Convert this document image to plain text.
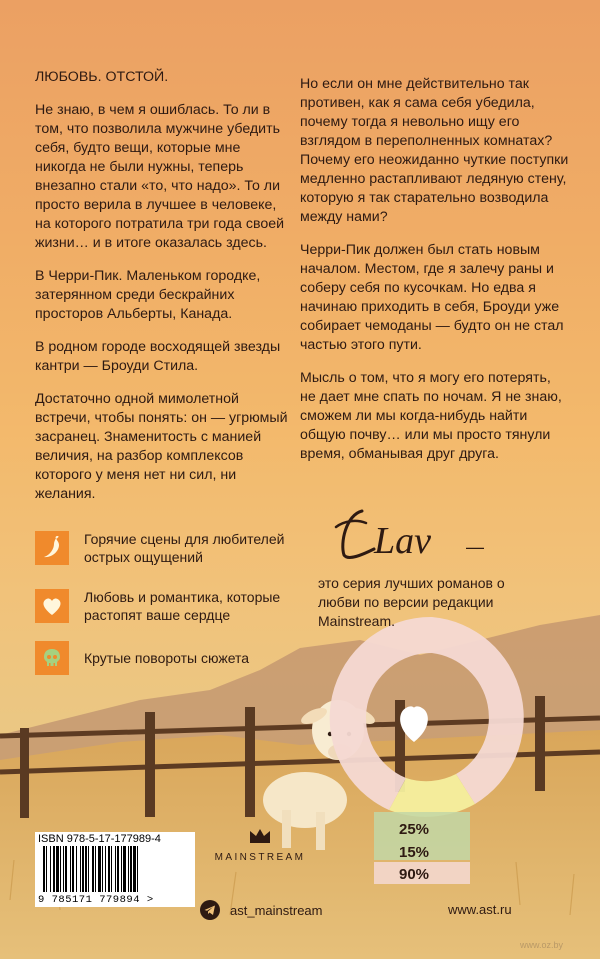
ЛЮБОВЬ. ОТСТОЙ.

Не знаю, в чем я ошиблась. То ли в том, что позволила мужчине убедить себя, будто вещи, которые мне никогда не были нужны, теперь внезапно стали «то, что надо». То ли просто верила в лучшее в человеке, на которого потратила три года своей жизни… и в итоге оказалась здесь.

В Черри-Пик. Маленьком городке, затерянном среди бескрайних просторов Альберты, Канада.

В родном городе восходящей звезды кантри — Броуди Стила.

Достаточно одной мимолетной встречи, чтобы понять: он — угрюмый засранец. Знаменитость с манией величия, на разбор комплексов которого у меня нет ни сил, ни желания.

Но если он мне действительно так противен, как я сама себя убедила, почему тогда я невольно ищу его взглядом в переполненных комнатах? Почему его неожиданно чуткие поступки медленно растапливают ледяную стену, которую я так старательно возводила между нами?

Черри-Пик должен был стать новым началом. Местом, где я залечу раны и соберу себя по кусочкам. Но едва я начинаю приходить в себя, Броуди уже собирает чемоданы — будто он не стал частью этого пути.

Мысль о том, что я могу его потерять, не дает мне спать по ночам. Я не знаю, сможем ли мы когда-нибудь найти общую почву… или мы просто тянули время, обманывая друг друга.

Горячие сцены для любителей острых ощущений
Любовь и романтика, которые растопят ваше сердце
Крутые повороты сюжета
Lav —
это серия лучших романов о любви по версии редакции Mainstream.
25%
15%
90%
ISBN 978-5-17-177989-4
9 785171 779894 >
MAINSTREAM
ast_mainstream	www.ast.ru
www.oz.by
